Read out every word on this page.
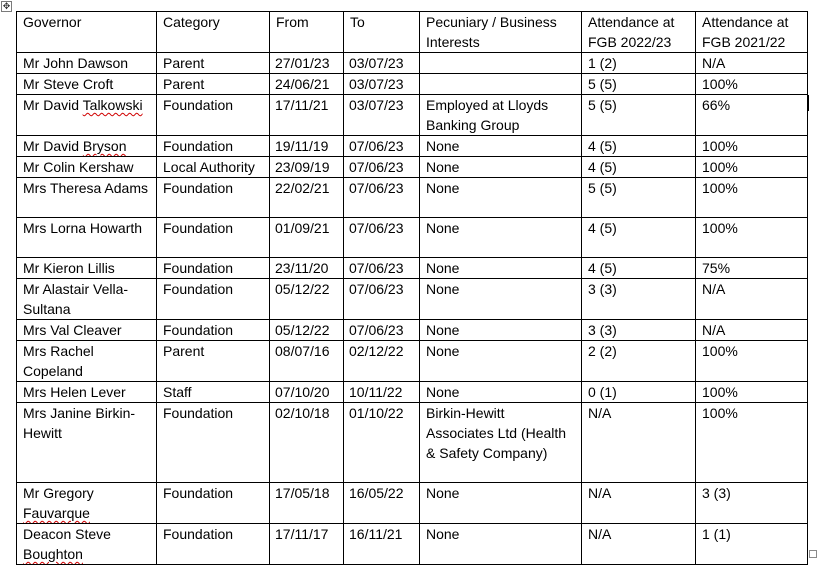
✥
Governor	Category	From	To	Pecuniary / Business Interests	Attendance at FGB 2022/23	Attendance at FGB 2021/22
Mr John Dawson	Parent	27/01/23	03/07/23		1 (2)	N/A
Mr Steve Croft	Parent	24/06/21	03/07/23		5 (5)	100%
Mr David Talkowski	Foundation	17/11/21	03/07/23	Employed at Lloyds Banking Group	5 (5)	66%
Mr David Bryson	Foundation	19/11/19	07/06/23	None	4 (5)	100%
Mr Colin Kershaw	Local Authority	23/09/19	07/06/23	None	4 (5)	100%
Mrs Theresa Adams	Foundation	22/02/21	07/06/23	None	5 (5)	100%
Mrs Lorna Howarth	Foundation	01/09/21	07/06/23	None	4 (5)	100%
Mr Kieron Lillis	Foundation	23/11/20	07/06/23	None	4 (5)	75%
Mr Alastair Vella-Sultana	Foundation	05/12/22	07/06/23	None	3 (3)	N/A
Mrs Val Cleaver	Foundation	05/12/22	07/06/23	None	3 (3)	N/A
Mrs Rachel Copeland	Parent	08/07/16	02/12/22	None	2 (2)	100%
Mrs Helen Lever	Staff	07/10/20	10/11/22	None	0 (1)	100%
Mrs Janine Birkin-Hewitt	Foundation	02/10/18	01/10/22	Birkin-Hewitt Associates Ltd (Health & Safety Company)	N/A	100%
Mr Gregory Fauvarque	Foundation	17/05/18	16/05/22	None	N/A	3 (3)
Deacon Steve Boughton	Foundation	17/11/17	16/11/21	None	N/A	1 (1)
